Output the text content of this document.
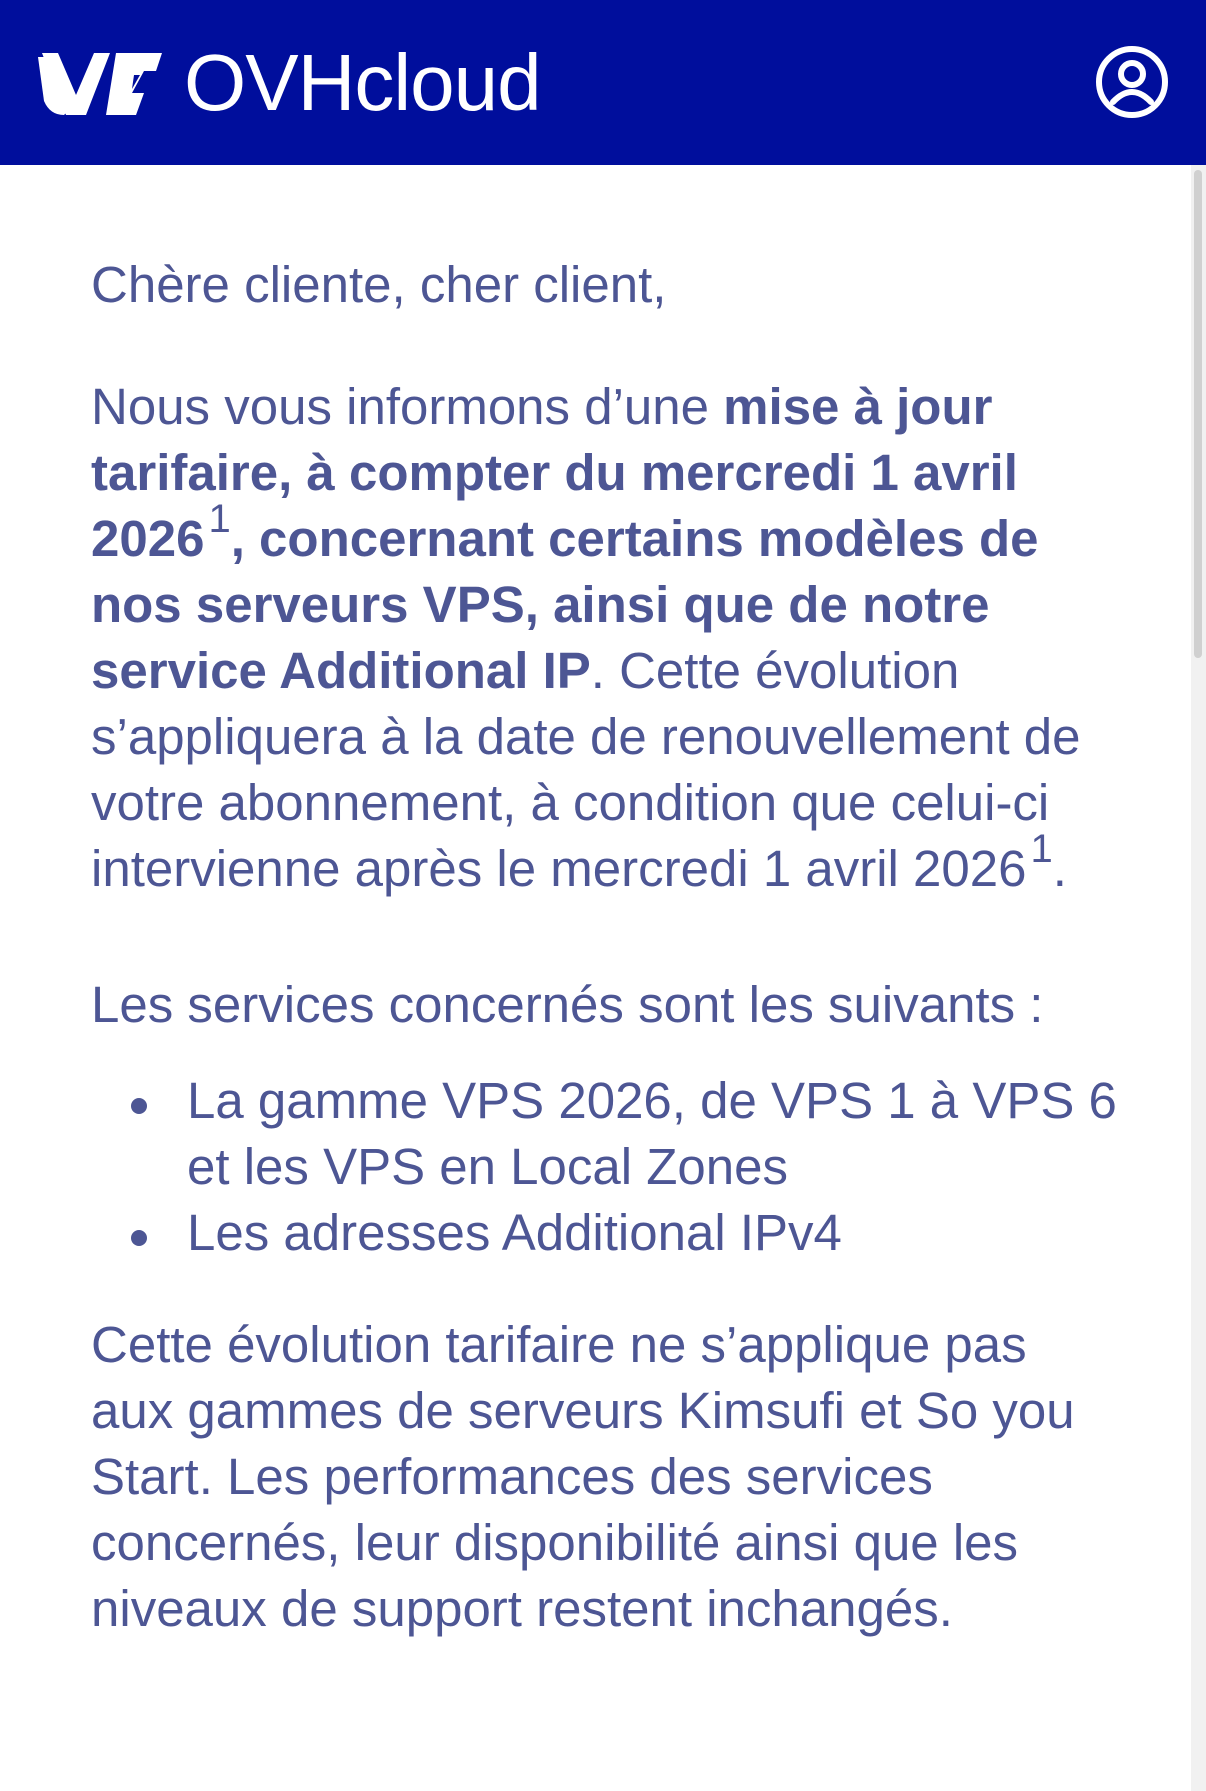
OVHcloud

Chère cliente, cher client,

Nous vous informons d’une mise à jour tarifaire, à compter du mercredi 1 avril 2026 $^1$, concernant certains modèles de nos serveurs VPS, ainsi que de notre service Additional IP. Cette évolution s’appliquera à la date de renouvellement de votre abonnement, à condition que celui-ci intervienne après le mercredi 1 avril 2026 $^1$.

Les services concernés sont les suivants :

La gamme VPS 2026, de VPS 1 à VPS 6 et les VPS en Local Zones
Les adresses Additional IPv4

Cette évolution tarifaire ne s’applique pas aux gammes de serveurs Kimsufi et So you Start. Les performances des services concernés, leur disponibilité ainsi que les niveaux de support restent inchangés.
